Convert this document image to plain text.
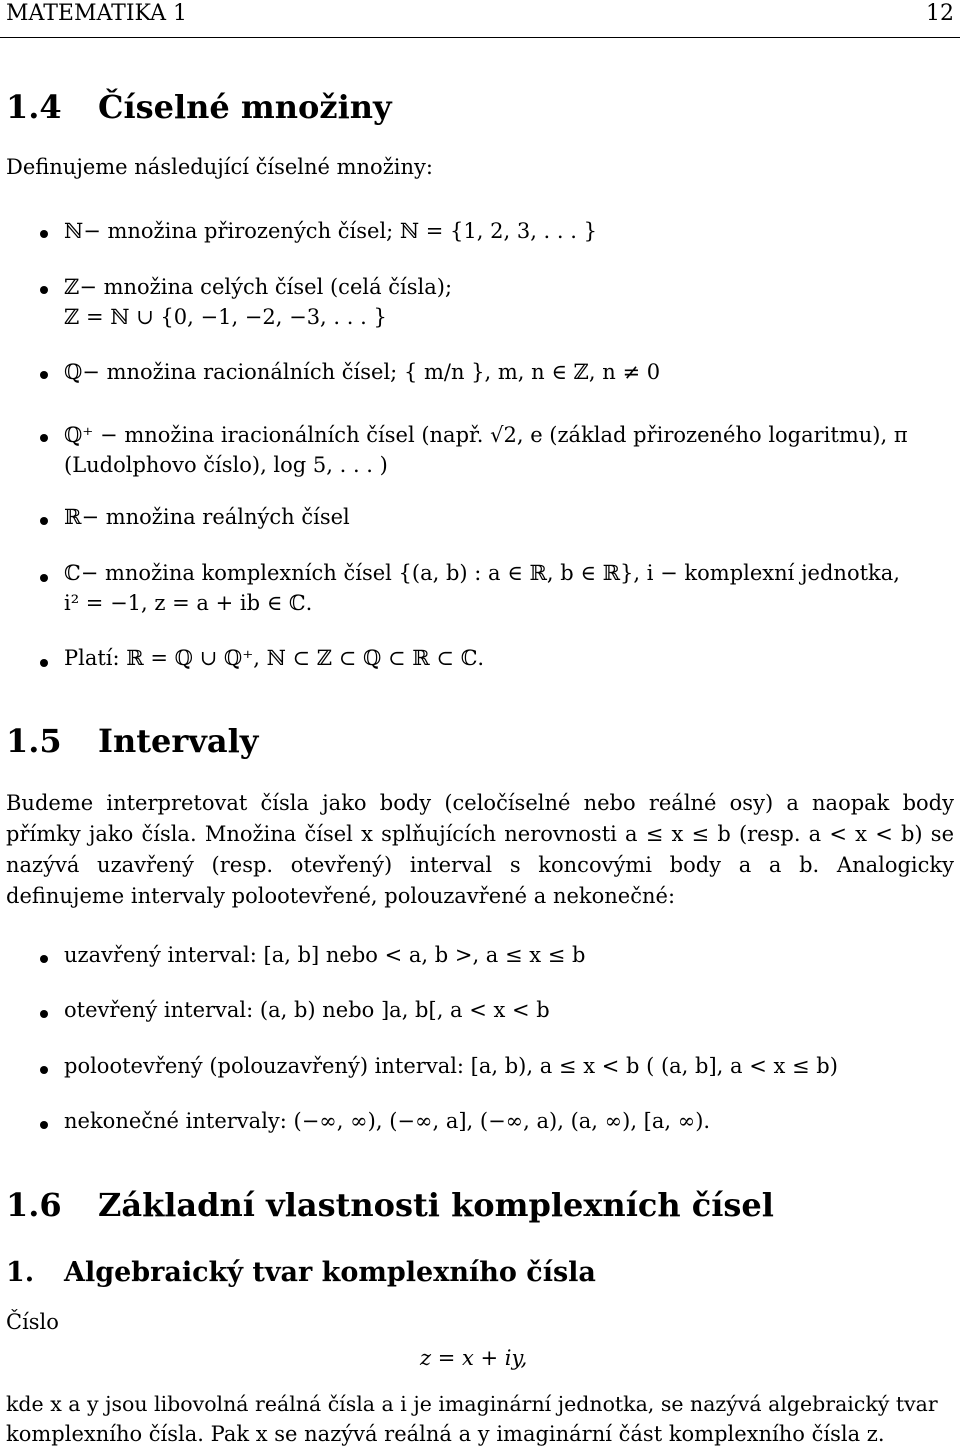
MATEMATIKA 1	12
1.4 Číselné množiny
Definujeme následující číselné množiny:
ℕ− množina přirozených čísel; ℕ = {1, 2, 3, . . . }
ℤ− množina celých čísel (celá čísla);
ℤ = ℕ ∪ {0, −1, −2, −3, . . . }
ℚ− množina racionálních čísel; { m/n }, m, n ∈ ℤ, n ≠ 0
ℚ⁺ − množina iracionálních čísel (např. √2, e (základ přirozeného logaritmu), π
(Ludolphovo číslo), log 5, . . . )
ℝ− množina reálných čísel
ℂ− množina komplexních čísel {(a, b) : a ∈ ℝ, b ∈ ℝ}, i − komplexní jednotka,
i² = −1, z = a + ib ∈ ℂ.
Platí: ℝ = ℚ ∪ ℚ⁺, ℕ ⊂ ℤ ⊂ ℚ ⊂ ℝ ⊂ ℂ.
1.5 Intervaly
Budeme interpretovat čísla jako body (celočíselné nebo reálné osy) a naopak body přímky jako čísla. Množina čísel x splňujících nerovnosti a ≤ x ≤ b (resp. a < x < b) se nazývá uzavřený (resp. otevřený) interval s koncovými body a a b. Analogicky definujeme intervaly polootevřené, polouzavřené a nekonečné:
uzavřený interval: [a, b] nebo < a, b >, a ≤ x ≤ b
otevřený interval: (a, b) nebo ]a, b[, a < x < b
polootevřený (polouzavřený) interval: [a, b), a ≤ x < b ( (a, b], a < x ≤ b)
nekonečné intervaly: (−∞, ∞), (−∞, a], (−∞, a), (a, ∞), [a, ∞).
1.6 Základní vlastnosti komplexních čísel
1. Algebraický tvar komplexního čísla
Číslo
z = x + iy,
kde x a y jsou libovolná reálná čísla a i je imaginární jednotka, se nazývá algebraický tvar
komplexního čísla. Pak x se nazývá reálná a y imaginární část komplexního čísla z.
